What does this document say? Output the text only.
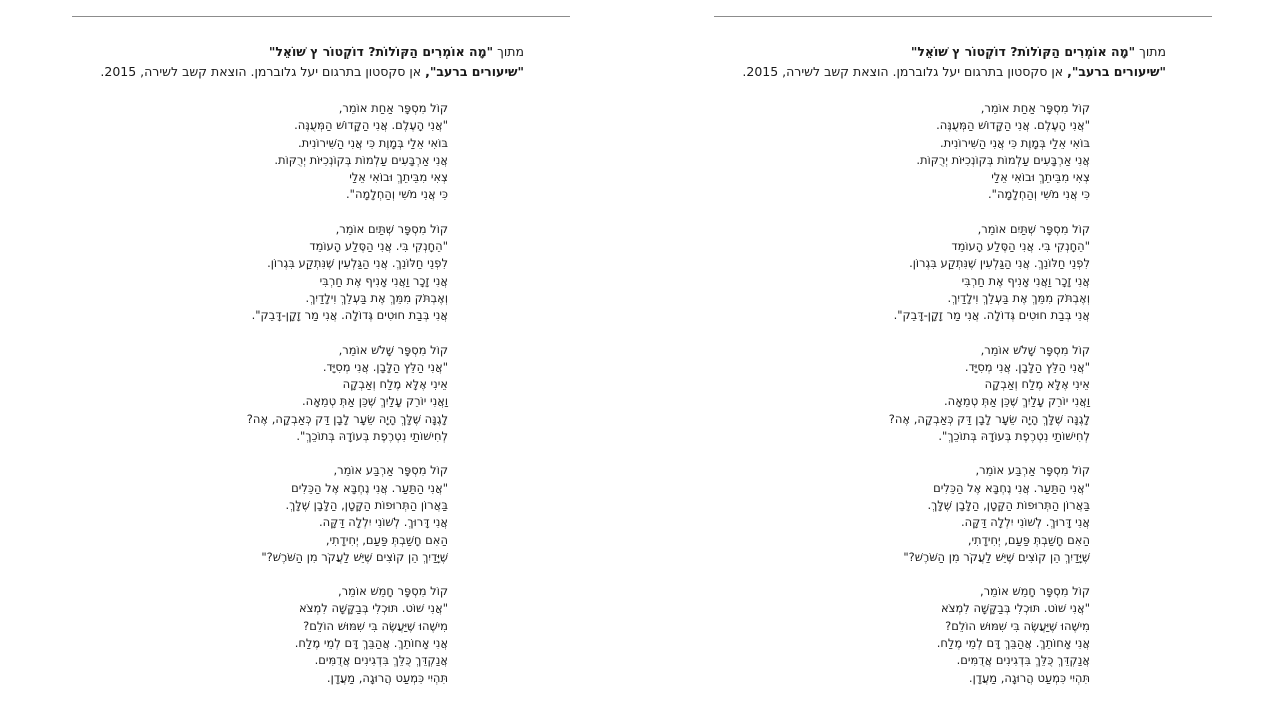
מתוך "מָה אוֹמְרִים הַקּוֹלוֹת? דוֹקְטוֹר ץ שׁוֹאֵל"
"שיעורים ברעב", אן סקסטון בתרגום יעל גלוברמן. הוצאת קשב לשירה, 2015.
קוֹל מִסְפָּר אַחַת אוֹמֵר,
"אֲנִי הָעֶלֶם. אֲנִי הַקָּדוֹשׁ הַמְּעֻנֶּה.
בּוֹאִי אֵלַי בְּמָוֶת כִּי אֲנִי הַשִּׁירוֹנִית.
אֲנִי אַרְבָּעִים עַלְמוֹת בְּקוֹנְכִיּוֹת יְרֻקּוֹת.
צְאִי מִבֵּיתֵךְ וּבוֹאִי אֵלַי
כִּי אֲנִי מֹשִׁי וְהַחְלָמָה".
קוֹל מִסְפָּר שְׁתַּיִם אוֹמֵר,
"הֵחָנְקִי בִּי. אֲנִי הַסֶּלַע הָעוֹמֵד
לִפְנֵי חַלּוֹנֵךְ. אֲנִי הַגַּלְעִין שֶׁנִּתְקַע בִּגְרוֹן.
אֲנִי זָכָר וַאֲנִי אָנִיף אֶת חַרְבִּי
וְאֶבְתֹּק מִמֵּךְ אֶת בַּעְלֵךְ וִילָדַיִךְ.
אֲנִי בְּבַת חוּטִים גְּדוֹלָה. אֲנִי מַר זָקָן-דָּבֵק".
קוֹל מִסְפָּר שָׁלֹשׁ אוֹמֵר,
"אֲנִי הַלֵּץ הַלָּבָן. אֲנִי מְסִיָּד.
אֵינִי אֶלָּא מֶלַח וְאַבְקָה
וַאֲנִי יוֹרֵק עָלַיִךְ שֶׁכֵּן אַתְּ טְמֵאָה.
לָגֶנָּה שֶׁלָּךְ הָיָה שֵׂעָר לָבָן דַּק כְּאַבְקָה, אֶה?
לְחִישׁוֹתַי נִטְרֶפֶת בְּעוֹדָהּ בְּתוֹכֵךְ".
קוֹל מִסְפָּר אַרְבַּע אוֹמֵר,
"אֲנִי הַתַּעַר. אֲנִי נֶחְבָּא אֶל הַכֵּלִים
בַּאֲרוֹן הַתְּרוּפוֹת הַקָּטָן, הַלָּבָן שֶׁלָּךְ.
אֲנִי דָּרוּךְ. לְשׁוֹנִי יִלְלָה דַּקָּה.
הַאִם חָשַׁבְתְּ פַּעַם, יְחִידָתִי,
שֶׁיָּדַיִךְ הֵן קוֹצִים שֶׁיֵּשׁ לַעֲקֹר מִן הַשֹּׁרֶשׁ?"
קוֹל מִסְפָּר חָמֵשׁ אוֹמֵר,
"אֲנִי שׁוֹט. תּוּכְלִי בְּבַקָּשָׁה לִמְצֹא
מִישֶׁהוּ שֶׁיַּעֲשֶׂה בִּי שִׁמּוּשׁ הוֹלֵם?
אֲנִי אָחוֹתֵךְ. אֲהַבֵּךְ דָּם לְמֵי מֶלַח.
אֲנַקְדֵּךְ כֻּלֵּךְ בִּדְגִינִים אֲדֻמִּים.
תִּהְיִי כִּמְעַט הֲרוּגָה, מַעֲדָן.
מתוך "מָה אוֹמְרִים הַקּוֹלוֹת? דוֹקְטוֹר ץ שׁוֹאֵל"
"שיעורים ברעב", אן סקסטון בתרגום יעל גלוברמן. הוצאת קשב לשירה, 2015.
קוֹל מִסְפָּר אַחַת אוֹמֵר,
"אֲנִי הָעֶלֶם. אֲנִי הַקָּדוֹשׁ הַמְּעֻנֶּה.
בּוֹאִי אֵלַי בְּמָוֶת כִּי אֲנִי הַשִּׁירוֹנִית.
אֲנִי אַרְבָּעִים עַלְמוֹת בְּקוֹנְכִיּוֹת יְרֻקּוֹת.
צְאִי מִבֵּיתֵךְ וּבוֹאִי אֵלַי
כִּי אֲנִי מֹשִׁי וְהַחְלָמָה".
קוֹל מִסְפָּר שְׁתַּיִם אוֹמֵר,
"הֵחָנְקִי בִּי. אֲנִי הַסֶּלַע הָעוֹמֵד
לִפְנֵי חַלּוֹנֵךְ. אֲנִי הַגַּלְעִין שֶׁנִּתְקַע בִּגְרוֹן.
אֲנִי זָכָר וַאֲנִי אָנִיף אֶת חַרְבִּי
וְאֶבְתֹּק מִמֵּךְ אֶת בַּעְלֵךְ וִילָדַיִךְ.
אֲנִי בְּבַת חוּטִים גְּדוֹלָה. אֲנִי מַר זָקָן-דָּבֵק".
קוֹל מִסְפָּר שָׁלֹשׁ אוֹמֵר,
"אֲנִי הַלֵּץ הַלָּבָן. אֲנִי מְסִיָּד.
אֵינִי אֶלָּא מֶלַח וְאַבְקָה
וַאֲנִי יוֹרֵק עָלַיִךְ שֶׁכֵּן אַתְּ טְמֵאָה.
לָגֶנָּה שֶׁלָּךְ הָיָה שֵׂעָר לָבָן דַּק כְּאַבְקָה, אֶה?
לְחִישׁוֹתַי נִטְרֶפֶת בְּעוֹדָהּ בְּתוֹכֵךְ".
קוֹל מִסְפָּר אַרְבַּע אוֹמֵר,
"אֲנִי הַתַּעַר. אֲנִי נֶחְבָּא אֶל הַכֵּלִים
בַּאֲרוֹן הַתְּרוּפוֹת הַקָּטָן, הַלָּבָן שֶׁלָּךְ.
אֲנִי דָּרוּךְ. לְשׁוֹנִי יִלְלָה דַּקָּה.
הַאִם חָשַׁבְתְּ פַּעַם, יְחִידָתִי,
שֶׁיָּדַיִךְ הֵן קוֹצִים שֶׁיֵּשׁ לַעֲקֹר מִן הַשֹּׁרֶשׁ?"
קוֹל מִסְפָּר חָמֵשׁ אוֹמֵר,
"אֲנִי שׁוֹט. תּוּכְלִי בְּבַקָּשָׁה לִמְצֹא
מִישֶׁהוּ שֶׁיַּעֲשֶׂה בִּי שִׁמּוּשׁ הוֹלֵם?
אֲנִי אָחוֹתֵךְ. אֲהַבֵּךְ דָּם לְמֵי מֶלַח.
אֲנַקְדֵּךְ כֻּלֵּךְ בִּדְגִינִים אֲדֻמִּים.
תִּהְיִי כִּמְעַט הֲרוּגָה, מַעֲדָן.
